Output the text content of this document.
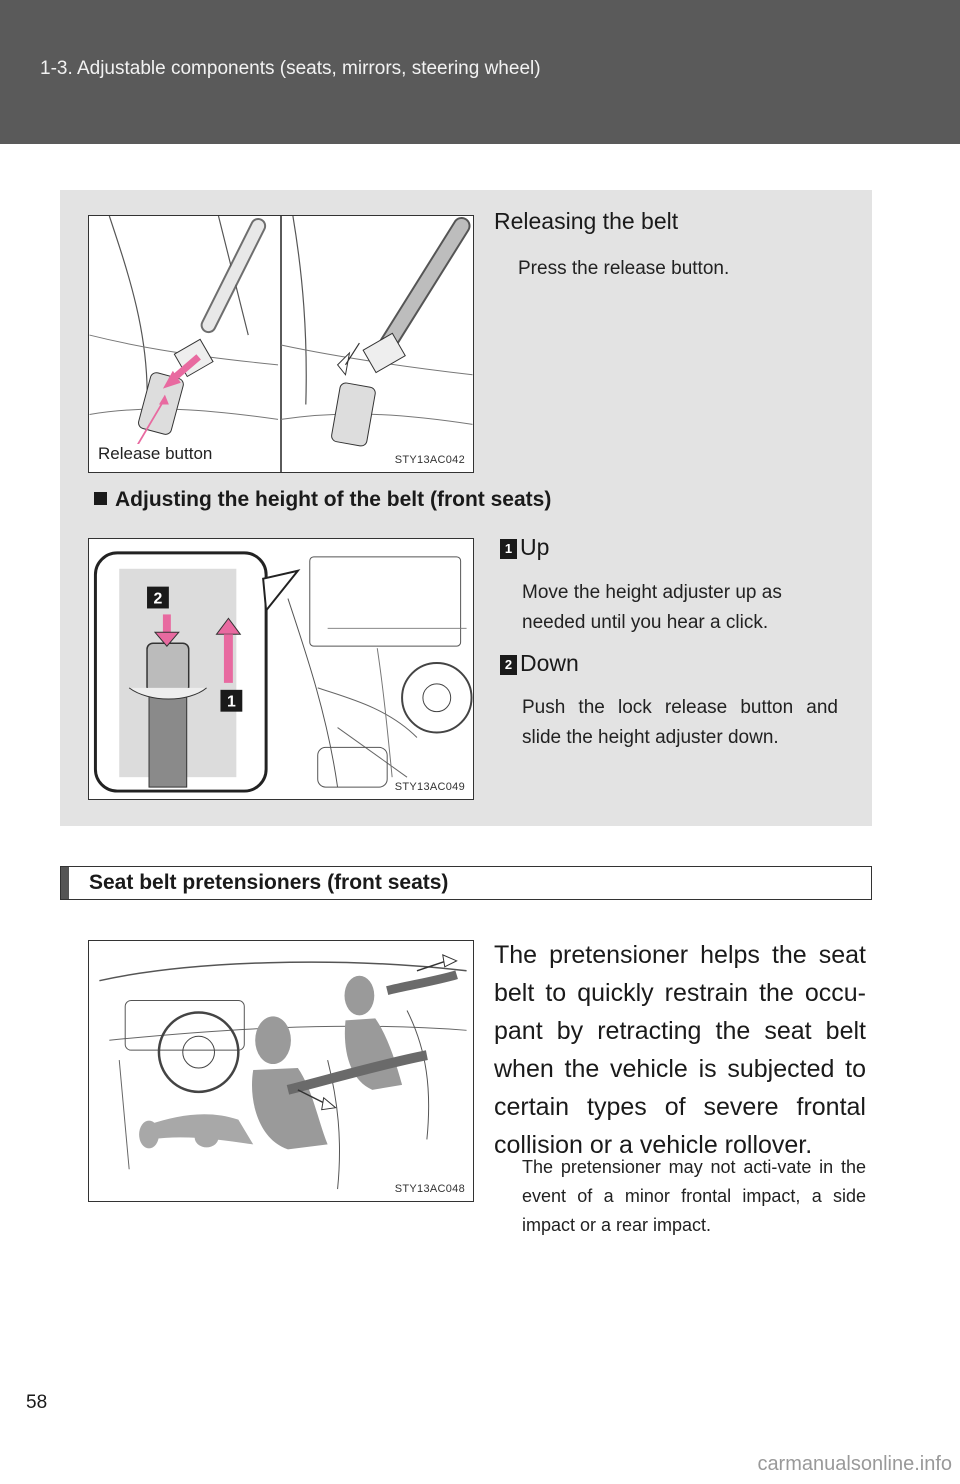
1-3. Adjustable components (seats, mirrors, steering wheel)
Release button	STY13AC042
Releasing the belt
Press the release button.
Adjusting the height of the belt (front seats)
2
1
STY13AC049
1 Up
Move the height adjuster up as needed until you hear a click.
2 Down
Push the lock release button and slide the height adjuster down.
Seat belt pretensioners (front seats)
STY13AC048
The pretensioner helps the seat belt to quickly restrain the occu-pant by retracting the seat belt when the vehicle is subjected to certain types of severe frontal collision or a vehicle rollover.
The pretensioner may not acti-vate in the event of a minor frontal impact, a side impact or a rear impact.
58
carmanualsonline.info
